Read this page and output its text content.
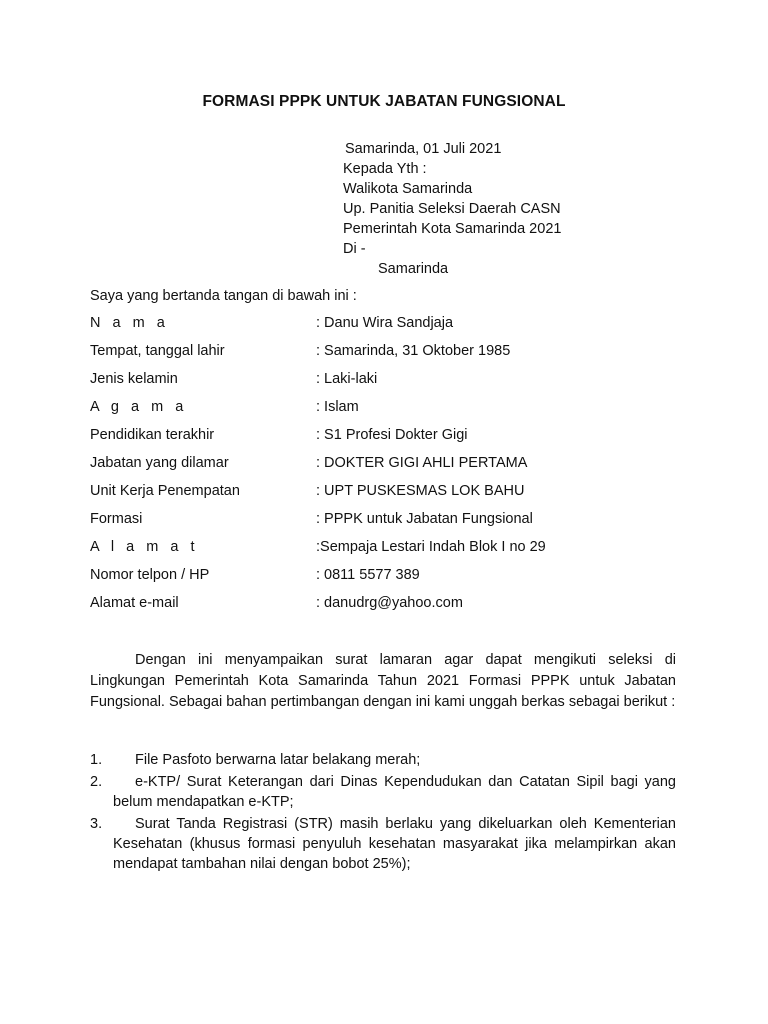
FORMASI PPPK UNTUK JABATAN FUNGSIONAL
Samarinda, 01 Juli 2021
Kepada Yth :
Walikota Samarinda
Up. Panitia Seleksi Daerah CASN
Pemerintah Kota Samarinda 2021
Di -
Samarinda
Saya yang bertanda tangan di bawah ini :
N a m a	: Danu Wira Sandjaja
Tempat, tanggal lahir	: Samarinda, 31 Oktober 1985
Jenis kelamin	: Laki-laki
A g a m a	: Islam
Pendidikan terakhir	: S1 Profesi Dokter Gigi
Jabatan yang dilamar	: DOKTER GIGI AHLI PERTAMA
Unit Kerja Penempatan	: UPT PUSKESMAS LOK BAHU
Formasi	: PPPK untuk Jabatan Fungsional
A l a m a t	:Sempaja Lestari Indah Blok I no 29
Nomor telpon / HP	: 0811 5577 389
Alamat e-mail	: danudrg@yahoo.com
Dengan ini menyampaikan surat lamaran agar dapat mengikuti seleksi di Lingkungan Pemerintah Kota Samarinda Tahun 2021 Formasi PPPK untuk Jabatan Fungsional. Sebagai bahan pertimbangan dengan ini kami unggah berkas sebagai berikut :
1.	File Pasfoto berwarna latar belakang merah;
2.	e-KTP/ Surat Keterangan dari Dinas Kependudukan dan Catatan Sipil bagi yang belum mendapatkan e-KTP;
3.	Surat Tanda Registrasi (STR) masih berlaku yang dikeluarkan oleh Kementerian Kesehatan (khusus formasi penyuluh kesehatan masyarakat jika melampirkan akan mendapat tambahan nilai dengan bobot 25%);
